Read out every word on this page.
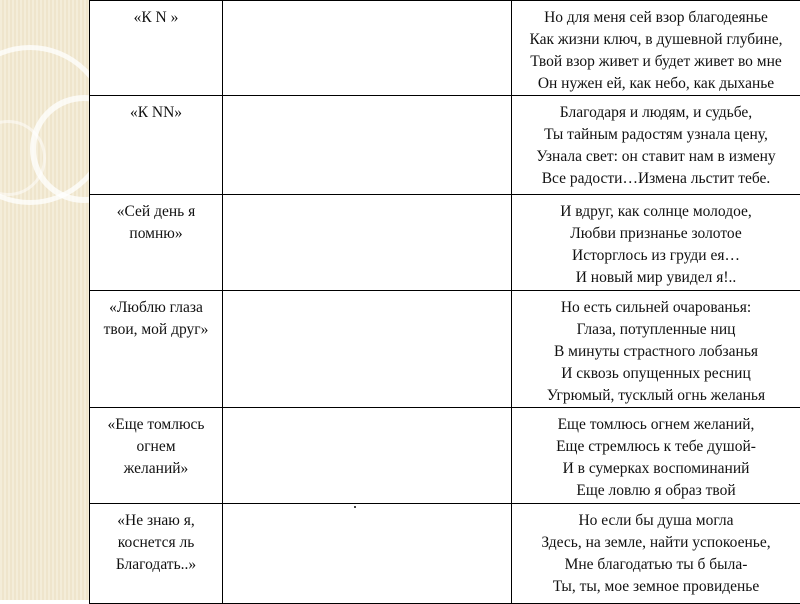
«К N »		Но для меня сей взор благодеянье
Как жизни ключ, в душевной глубине,
Твой взор живет и будет живет во мне
Он нужен ей, как небо, как дыханье

«К NN»		Благодаря и людям, и судьбе,
Ты тайным радостям узнала цену,
Узнала свет: он ставит нам в измену
Все радости…Измена льстит тебе.

«Сей день я
помню»		И вдруг, как солнце молодое,
Любви признанье золотое
Исторглось из груди ея…
И новый мир увидел я!..

«Люблю глаза
твои, мой друг»		Но есть сильней очарованья:
Глаза, потупленные ниц
В минуты страстного лобзанья
И сквозь опущенных ресниц
Угрюмый, тусклый огнь желанья

«Еще томлюсь
огнем
желаний»		Еще томлюсь огнем желаний,
Еще стремлюсь к тебе душой-
И в сумерках воспоминаний
Еще ловлю я образ твой

«Не знаю я,
коснется ль
Благодать..»		Но если бы душа могла
Здесь, на земле, найти успокоенье,
Мне благодатью ты б была-
Ты, ты, мое земное провиденье
